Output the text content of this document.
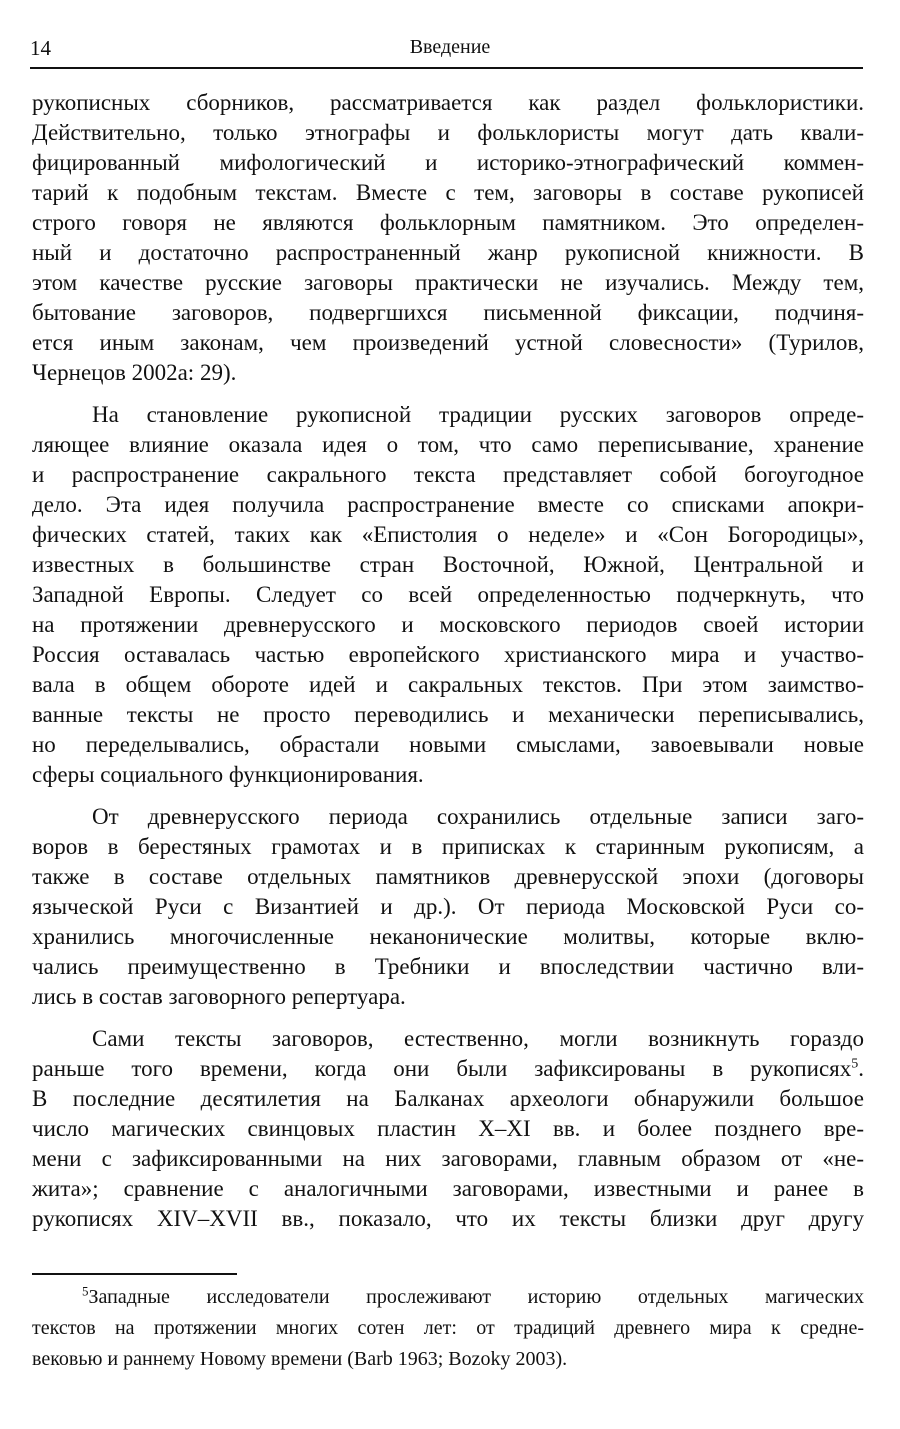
14	Введение
рукописных сборников, рассматривается как раздел фольклористики.
Действительно, только этнографы и фольклористы могут дать квали-
фицированный мифологический и историко-этнографический коммен-
тарий к подобным текстам. Вместе с тем, заговоры в составе рукописей
строго говоря не являются фольклорным памятником. Это определен-
ный и достаточно распространенный жанр рукописной книжности. В
этом качестве русские заговоры практически не изучались. Между тем,
бытование заговоров, подвергшихся письменной фиксации, подчиня-
ется иным законам, чем произведений устной словесности» (Турилов,
Чернецов 2002а: 29).
На становление рукописной традиции русских заговоров опреде-
ляющее влияние оказала идея о том, что само переписывание, хранение
и распространение сакрального текста представляет собой богоугодное
дело. Эта идея получила распространение вместе со списками апокри-
фических статей, таких как «Епистолия о неделе» и «Сон Богородицы»,
известных в большинстве стран Восточной, Южной, Центральной и
Западной Европы. Следует со всей определенностью подчеркнуть, что
на протяжении древнерусского и московского периодов своей истории
Россия оставалась частью европейского христианского мира и участво-
вала в общем обороте идей и сакральных текстов. При этом заимство-
ванные тексты не просто переводились и механически переписывались,
но переделывались, обрастали новыми смыслами, завоевывали новые
сферы социального функционирования.
От древнерусского периода сохранились отдельные записи заго-
воров в берестяных грамотах и в приписках к старинным рукописям, а
также в составе отдельных памятников древнерусской эпохи (договоры
языческой Руси с Византией и др.). От периода Московской Руси со-
хранились многочисленные неканонические молитвы, которые вклю-
чались преимущественно в Требники и впоследствии частично вли-
лись в состав заговорного репертуара.
Сами тексты заговоров, естественно, могли возникнуть гораздо
раньше того времени, когда они были зафиксированы в рукописях$^5$.
В последние десятилетия на Балканах археологи обнаружили большое
число магических свинцовых пластин X–XI вв. и более позднего вре-
мени с зафиксированными на них заговорами, главным образом от «не-
жита»; сравнение с аналогичными заговорами, известными и ранее в
рукописях XIV–XVII вв., показало, что их тексты близки друг другу
$^5$Западные исследователи прослеживают историю отдельных магических
текстов на протяжении многих сотен лет: от традиций древнего мира к средне-
вековью и раннему Новому времени (Barb 1963; Bozoky 2003).
